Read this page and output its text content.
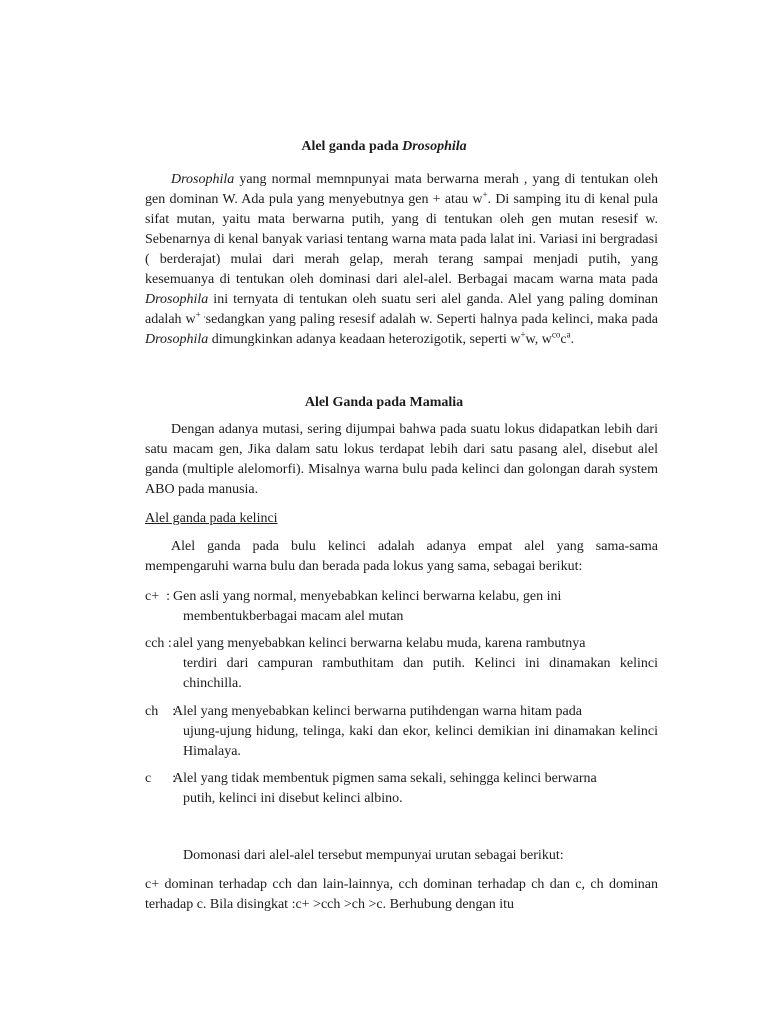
Alel ganda pada Drosophila

Drosophila yang normal memnpunyai mata berwarna merah , yang di tentukan oleh gen dominan W. Ada pula yang menyebutnya gen + atau w+. Di samping itu di kenal pula sifat mutan, yaitu mata berwarna putih, yang di tentukan oleh gen mutan resesif w. Sebenarnya di kenal banyak variasi tentang warna mata pada lalat ini. Variasi ini bergradasi ( berderajat) mulai dari merah gelap, merah terang sampai menjadi putih, yang kesemuanya di tentukan oleh dominasi dari alel-alel. Berbagai macam warna mata pada Drosophila ini ternyata di tentukan oleh suatu seri alel ganda. Alel yang paling dominan adalah w+ .sedangkan yang paling resesif adalah w. Seperti halnya pada kelinci, maka pada Drosophila dimungkinkan adanya keadaan heterozigotik, seperti w+w, $w^{co}c^a$.

Alel Ganda pada Mamalia

Dengan adanya mutasi, sering dijumpai bahwa pada suatu lokus didapatkan lebih dari satu macam gen, Jika dalam satu lokus terdapat lebih dari satu pasang alel, disebut alel ganda (multiple alelomorfi). Misalnya warna bulu pada kelinci dan golongan darah system ABO pada manusia.

Alel ganda pada kelinci

Alel ganda pada bulu kelinci adalah adanya empat alel yang sama-sama mempengaruhi warna bulu dan berada pada lokus yang sama, sebagai berikut:

c+  : Gen asli yang normal, menyebabkan kelinci berwarna kelabu, gen ini
membentukberbagai macam alel mutan
cch : alel yang menyebabkan kelinci berwarna kelabu muda, karena rambutnya
terdiri dari campuran rambuthitam dan putih. Kelinci ini dinamakan kelinci chinchilla.
ch    :
Alel yang menyebabkan kelinci berwarna putihdengan warna hitam pada
ujung-ujung hidung, telinga, kaki dan ekor, kelinci demikian ini dinamakan kelinci Himalaya.
c      :
Alel yang tidak membentuk pigmen sama sekali, sehingga kelinci berwarna
putih, kelinci ini disebut kelinci albino.

Domonasi dari alel-alel tersebut mempunyai urutan sebagai berikut:

c+ dominan terhadap cch dan lain-lainnya, cch dominan terhadap ch dan c, ch dominan terhadap c. Bila disingkat :c+ >cch >ch >c. Berhubung dengan itu
